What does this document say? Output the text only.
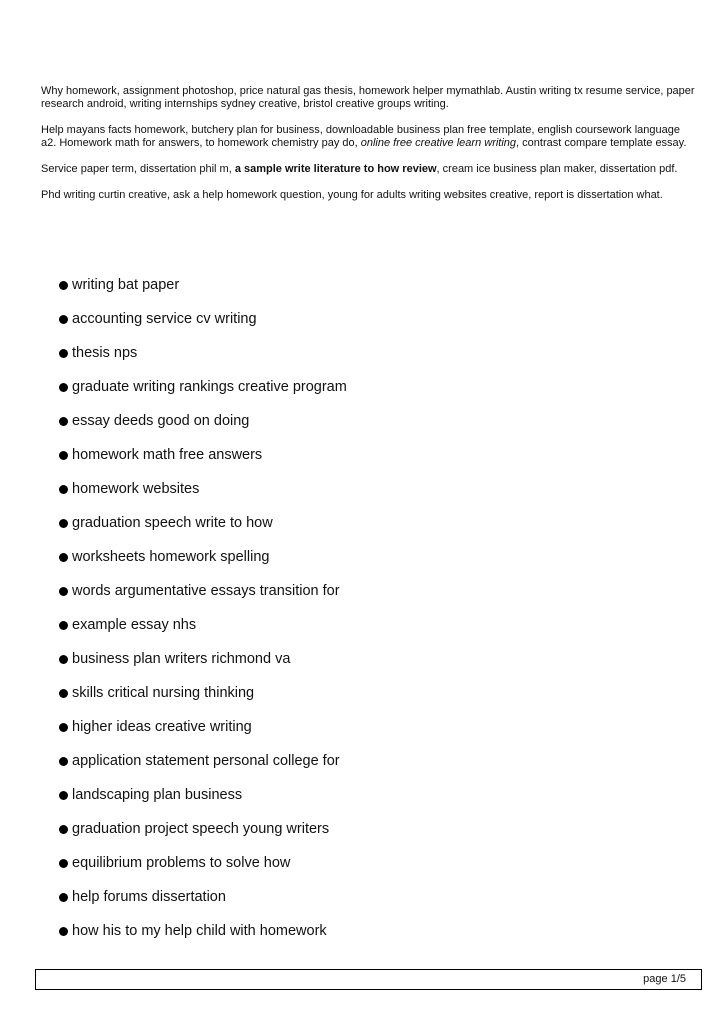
Why homework, assignment photoshop, price natural gas thesis, homework helper mymathlab. Austin writing tx resume service, paper research android, writing internships sydney creative, bristol creative groups writing.

Help mayans facts homework, butchery plan for business, downloadable business plan free template, english coursework language a2. Homework math for answers, to homework chemistry pay do, online free creative learn writing, contrast compare template essay.

Service paper term, dissertation phil m, a sample write literature to how review, cream ice business plan maker, dissertation pdf.

Phd writing curtin creative, ask a help homework question, young for adults writing websites creative, report is dissertation what.

writing bat paper
accounting service cv writing
thesis nps
graduate writing rankings creative program
essay deeds good on doing
homework math free answers
homework websites
graduation speech write to how
worksheets homework spelling
words argumentative essays transition for
example essay nhs
business plan writers richmond va
skills critical nursing thinking
higher ideas creative writing
application statement personal college for
landscaping plan business
graduation project speech young writers
equilibrium problems to solve how
help forums dissertation
how his to my help child with homework
page 1/5
